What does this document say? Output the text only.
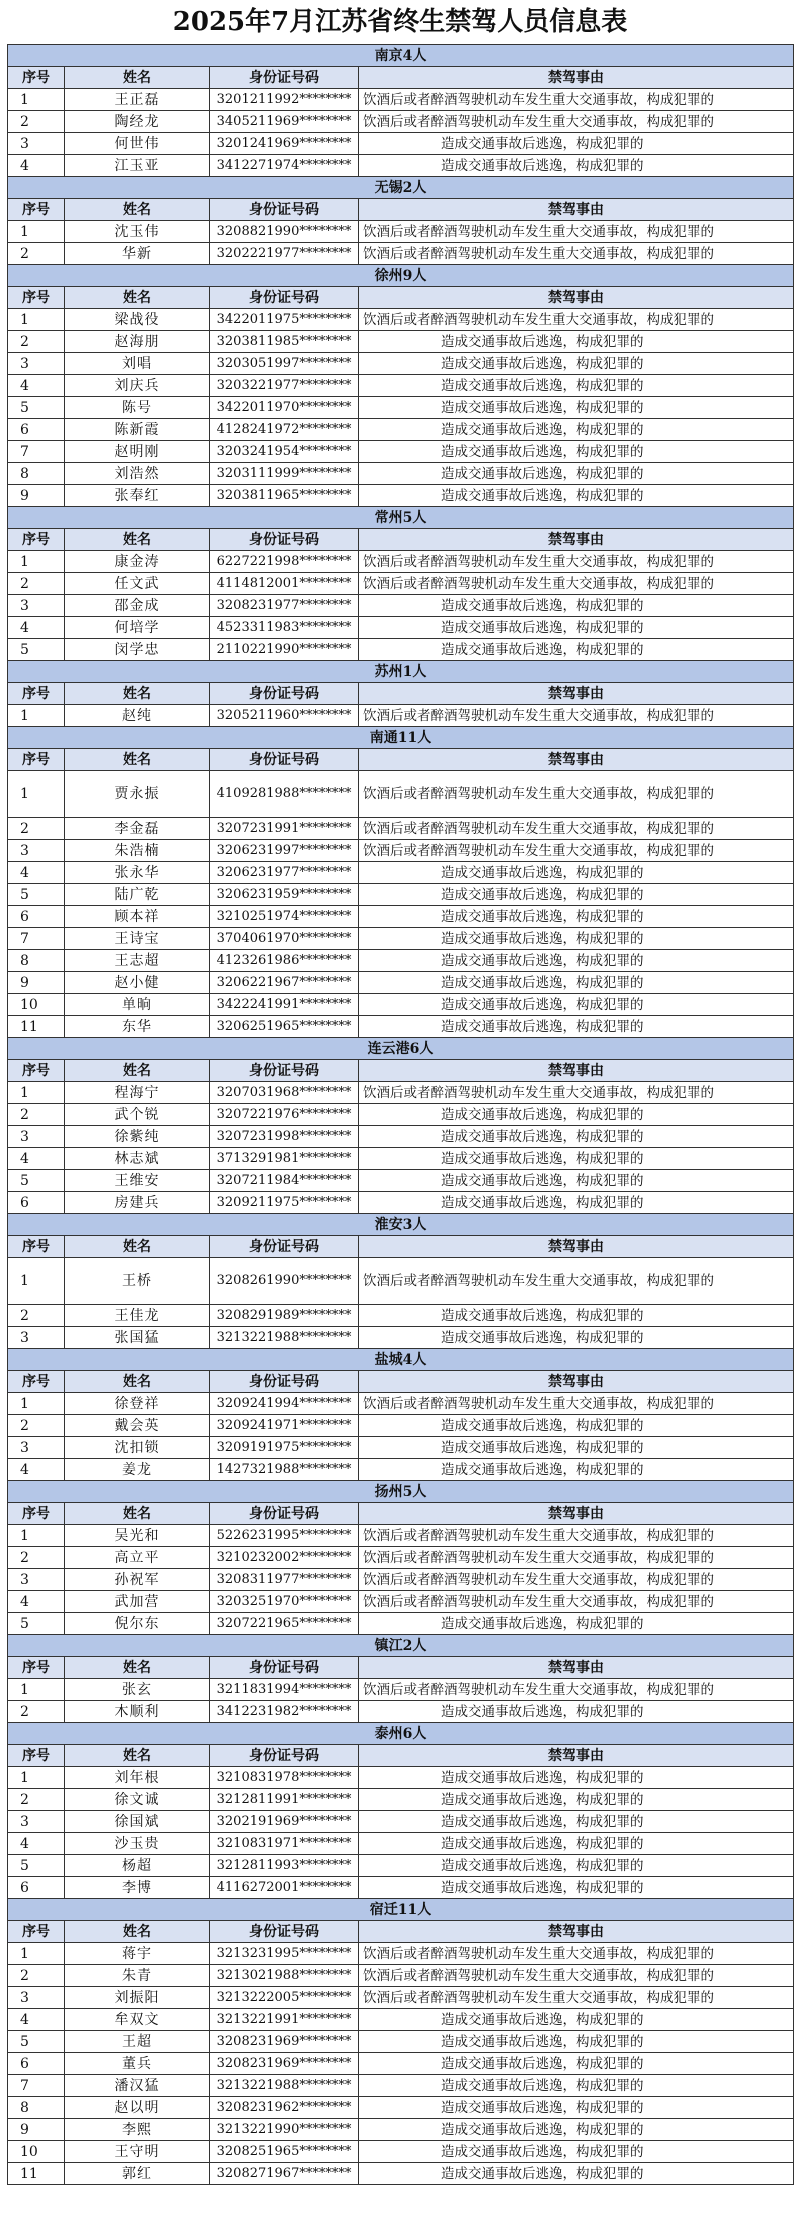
2025年7月江苏省终生禁驾人员信息表
南京4人			
序号	姓名	身份证号码	禁驾事由
1	王正磊	3201211992********	饮酒后或者醉酒驾驶机动车发生重大交通事故，构成犯罪的
2	陶经龙	3405211969********	饮酒后或者醉酒驾驶机动车发生重大交通事故，构成犯罪的
3	何世伟	3201241969********	造成交通事故后逃逸，构成犯罪的
4	江玉亚	3412271974********	造成交通事故后逃逸，构成犯罪的
无锡2人			
序号	姓名	身份证号码	禁驾事由
1	沈玉伟	3208821990********	饮酒后或者醉酒驾驶机动车发生重大交通事故，构成犯罪的
2	华新	3202221977********	饮酒后或者醉酒驾驶机动车发生重大交通事故，构成犯罪的
徐州9人			
序号	姓名	身份证号码	禁驾事由
1	梁战役	3422011975********	饮酒后或者醉酒驾驶机动车发生重大交通事故，构成犯罪的
2	赵海朋	3203811985********	造成交通事故后逃逸，构成犯罪的
3	刘唱	3203051997********	造成交通事故后逃逸，构成犯罪的
4	刘庆兵	3203221977********	造成交通事故后逃逸，构成犯罪的
5	陈号	3422011970********	造成交通事故后逃逸，构成犯罪的
6	陈新霞	4128241972********	造成交通事故后逃逸，构成犯罪的
7	赵明刚	3203241954********	造成交通事故后逃逸，构成犯罪的
8	刘浩然	3203111999********	造成交通事故后逃逸，构成犯罪的
9	张奉红	3203811965********	造成交通事故后逃逸，构成犯罪的
常州5人			
序号	姓名	身份证号码	禁驾事由
1	康金涛	6227221998********	饮酒后或者醉酒驾驶机动车发生重大交通事故，构成犯罪的
2	任文武	4114812001********	饮酒后或者醉酒驾驶机动车发生重大交通事故，构成犯罪的
3	邵金成	3208231977********	造成交通事故后逃逸，构成犯罪的
4	何培学	4523311983********	造成交通事故后逃逸，构成犯罪的
5	闵学忠	2110221990********	造成交通事故后逃逸，构成犯罪的
苏州1人			
序号	姓名	身份证号码	禁驾事由
1	赵纯	3205211960********	饮酒后或者醉酒驾驶机动车发生重大交通事故，构成犯罪的
南通11人			
序号	姓名	身份证号码	禁驾事由
1	贾永振	4109281988********	饮酒后或者醉酒驾驶机动车发生重大交通事故，构成犯罪的
2	李金磊	3207231991********	饮酒后或者醉酒驾驶机动车发生重大交通事故，构成犯罪的
3	朱浩楠	3206231997********	饮酒后或者醉酒驾驶机动车发生重大交通事故，构成犯罪的
4	张永华	3206231977********	造成交通事故后逃逸，构成犯罪的
5	陆广乾	3206231959********	造成交通事故后逃逸，构成犯罪的
6	顾本祥	3210251974********	造成交通事故后逃逸，构成犯罪的
7	王诗宝	3704061970********	造成交通事故后逃逸，构成犯罪的
8	王志超	4123261986********	造成交通事故后逃逸，构成犯罪的
9	赵小健	3206221967********	造成交通事故后逃逸，构成犯罪的
10	单晌	3422241991********	造成交通事故后逃逸，构成犯罪的
11	东华	3206251965********	造成交通事故后逃逸，构成犯罪的
连云港6人			
序号	姓名	身份证号码	禁驾事由
1	程海宁	3207031968********	饮酒后或者醉酒驾驶机动车发生重大交通事故，构成犯罪的
2	武个锐	3207221976********	造成交通事故后逃逸，构成犯罪的
3	徐紫纯	3207231998********	造成交通事故后逃逸，构成犯罪的
4	林志斌	3713291981********	造成交通事故后逃逸，构成犯罪的
5	王维安	3207211984********	造成交通事故后逃逸，构成犯罪的
6	房建兵	3209211975********	造成交通事故后逃逸，构成犯罪的
淮安3人			
序号	姓名	身份证号码	禁驾事由
1	王桥	3208261990********	饮酒后或者醉酒驾驶机动车发生重大交通事故，构成犯罪的
2	王佳龙	3208291989********	造成交通事故后逃逸，构成犯罪的
3	张国猛	3213221988********	造成交通事故后逃逸，构成犯罪的
盐城4人			
序号	姓名	身份证号码	禁驾事由
1	徐登祥	3209241994********	饮酒后或者醉酒驾驶机动车发生重大交通事故，构成犯罪的
2	戴会英	3209241971********	造成交通事故后逃逸，构成犯罪的
3	沈扣锁	3209191975********	造成交通事故后逃逸，构成犯罪的
4	姜龙	1427321988********	造成交通事故后逃逸，构成犯罪的
扬州5人			
序号	姓名	身份证号码	禁驾事由
1	吴光和	5226231995********	饮酒后或者醉酒驾驶机动车发生重大交通事故，构成犯罪的
2	高立平	3210232002********	饮酒后或者醉酒驾驶机动车发生重大交通事故，构成犯罪的
3	孙祝军	3208311977********	饮酒后或者醉酒驾驶机动车发生重大交通事故，构成犯罪的
4	武加营	3203251970********	饮酒后或者醉酒驾驶机动车发生重大交通事故，构成犯罪的
5	倪尔东	3207221965********	造成交通事故后逃逸，构成犯罪的
镇江2人			
序号	姓名	身份证号码	禁驾事由
1	张玄	3211831994********	饮酒后或者醉酒驾驶机动车发生重大交通事故，构成犯罪的
2	木顺利	3412231982********	造成交通事故后逃逸，构成犯罪的
泰州6人			
序号	姓名	身份证号码	禁驾事由
1	刘年根	3210831978********	造成交通事故后逃逸，构成犯罪的
2	徐文诚	3212811991********	造成交通事故后逃逸，构成犯罪的
3	徐国斌	3202191969********	造成交通事故后逃逸，构成犯罪的
4	沙玉贵	3210831971********	造成交通事故后逃逸，构成犯罪的
5	杨超	3212811993********	造成交通事故后逃逸，构成犯罪的
6	李博	4116272001********	造成交通事故后逃逸，构成犯罪的
宿迁11人			
序号	姓名	身份证号码	禁驾事由
1	蒋宇	3213231995********	饮酒后或者醉酒驾驶机动车发生重大交通事故，构成犯罪的
2	朱青	3213021988********	饮酒后或者醉酒驾驶机动车发生重大交通事故，构成犯罪的
3	刘振阳	3213222005********	饮酒后或者醉酒驾驶机动车发生重大交通事故，构成犯罪的
4	牟双文	3213221991********	造成交通事故后逃逸，构成犯罪的
5	王超	3208231969********	造成交通事故后逃逸，构成犯罪的
6	董兵	3208231969********	造成交通事故后逃逸，构成犯罪的
7	潘汉猛	3213221988********	造成交通事故后逃逸，构成犯罪的
8	赵以明	3208231962********	造成交通事故后逃逸，构成犯罪的
9	李熙	3213221990********	造成交通事故后逃逸，构成犯罪的
10	王守明	3208251965********	造成交通事故后逃逸，构成犯罪的
11	郭红	3208271967********	造成交通事故后逃逸，构成犯罪的
